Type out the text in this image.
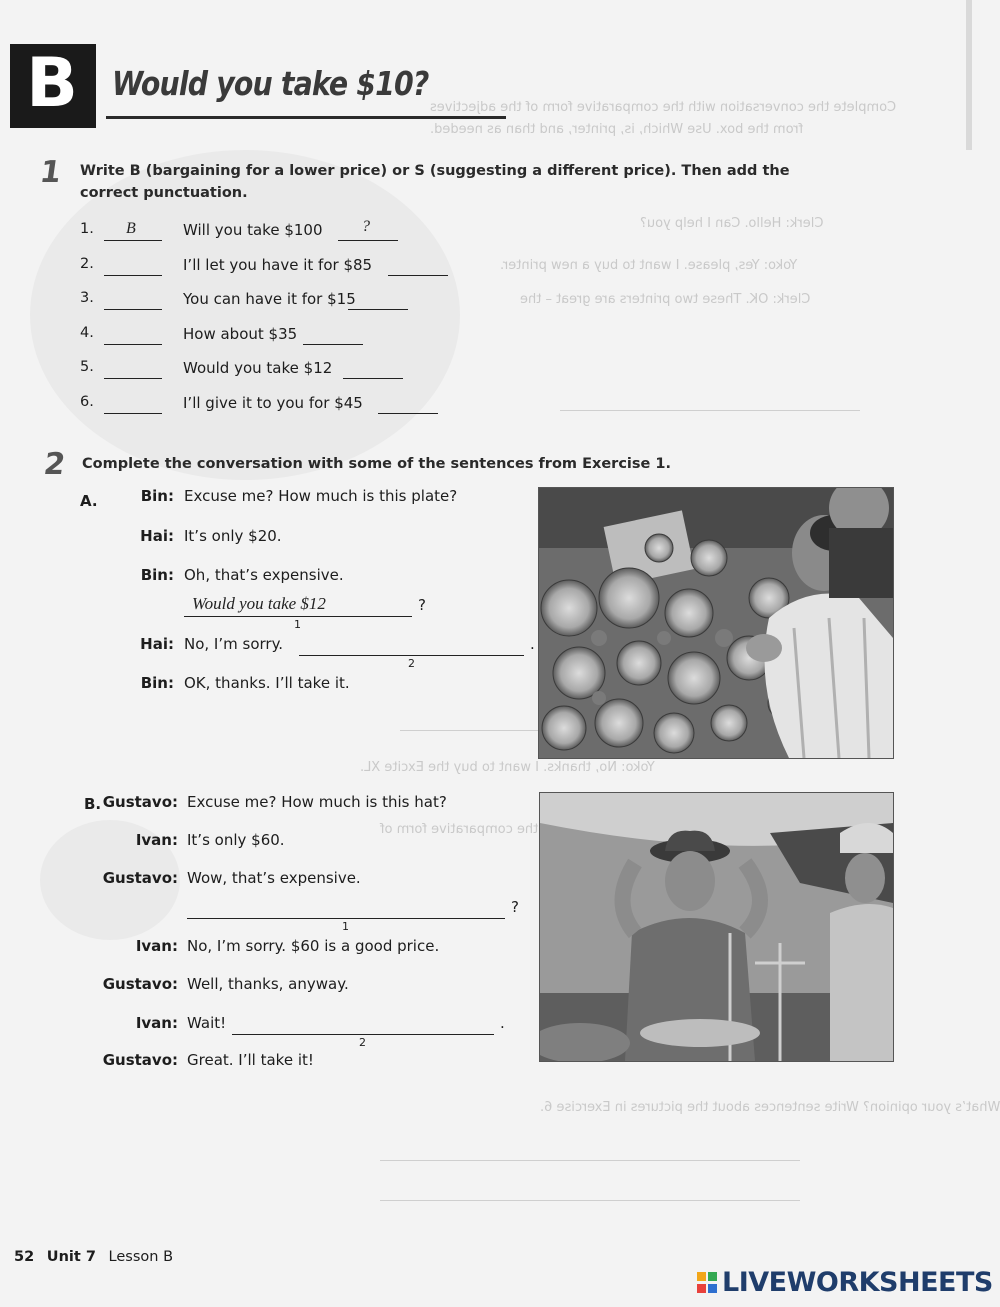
Complete the conversation with the comparative form of the adjectives
from the box. Use Which, is, printer, and than as needed.
Clerk: Hello. Can I help you?
Yoko: Yes, please. I want to buy a new printer.
Clerk: OK. These two printers are great – the
Yoko: No, thanks. I want to buy the Excite XL.
the comparative form of
What’s your opinion? Write sentences about the pictures in Exercise 6.
B	Would you take $10?
1 Write B (bargaining for a lower price) or S (suggesting a different price). Then add the
correct punctuation.
1. B	Will you take $100 ?
2.	I’ll let you have it for $85
3.	You can have it for $15
4.	How about $35
5.	Would you take $12
6.	I’ll give it to you for $45
2 Complete the conversation with some of the sentences from Exercise 1.
A.	Bin: Excuse me? How much is this plate?
Hai: It’s only $20.
Bin: Oh, that’s expensive.
Would you take $12
1
?
Hai: No, I’m sorry.
2
.
Bin: OK, thanks. I’ll take it.
B. Gustavo: Excuse me? How much is this hat?
Ivan: It’s only $60.
Gustavo: Wow, that’s expensive.
1
?
Ivan: No, I’m sorry. $60 is a good price.
Gustavo: Well, thanks, anyway.
Ivan: Wait!
2
.
Gustavo: Great. I’ll take it!
52 Unit 7 Lesson B
LIVEWORKSHEETS
